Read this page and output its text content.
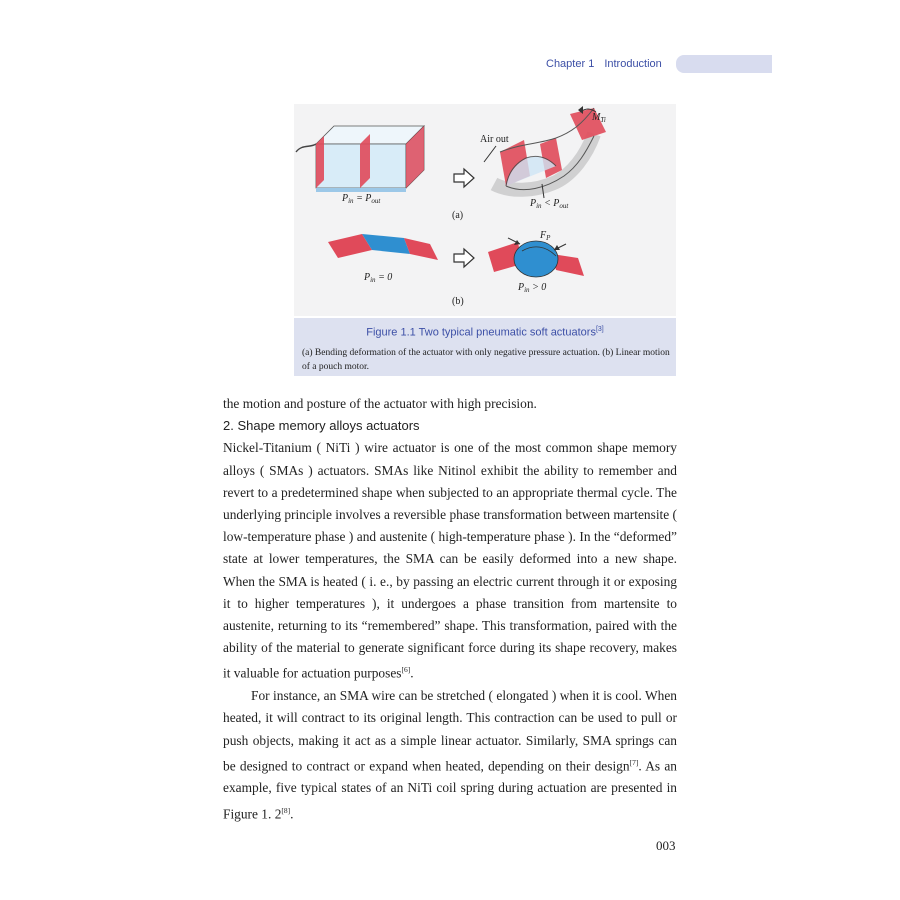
Chapter 1 Introduction
$P_{in} = P_{out}$
Air out
$M_{Ti}$
$P_{in} < P_{out}$
(a)
$P_{in} = 0$
$F_P$
$P_{in} > 0$
(b)
Figure 1.1 Two typical pneumatic soft actuators[3]
(a) Bending deformation of the actuator with only negative pressure actuation. (b) Linear motion of a pouch motor.

the motion and posture of the actuator with high precision.

2. Shape memory alloys actuators

Nickel-Titanium ( NiTi ) wire actuator is one of the most common shape memory alloys ( SMAs ) actuators. SMAs like Nitinol exhibit the ability to remember and revert to a predetermined shape when subjected to an appropriate thermal cycle. The underlying principle involves a reversible phase transformation between martensite ( low-temperature phase ) and austenite ( high-temperature phase ). In the “deformed” state at lower temperatures, the SMA can be easily deformed into a new shape. When the SMA is heated ( i. e., by passing an electric current through it or exposing it to higher temperatures ), it undergoes a phase transition from martensite to austenite, returning to its “remembered” shape. This transformation, paired with the ability of the material to generate significant force during its shape recovery, makes it valuable for actuation purposes[6].

For instance, an SMA wire can be stretched ( elongated ) when it is cool. When heated, it will contract to its original length. This contraction can be used to pull or push objects, making it act as a simple linear actuator. Similarly, SMA springs can be designed to contract or expand when heated, depending on their design[7]. As an example, five typical states of an NiTi coil spring during actuation are presented in Figure 1. 2[8].

003
